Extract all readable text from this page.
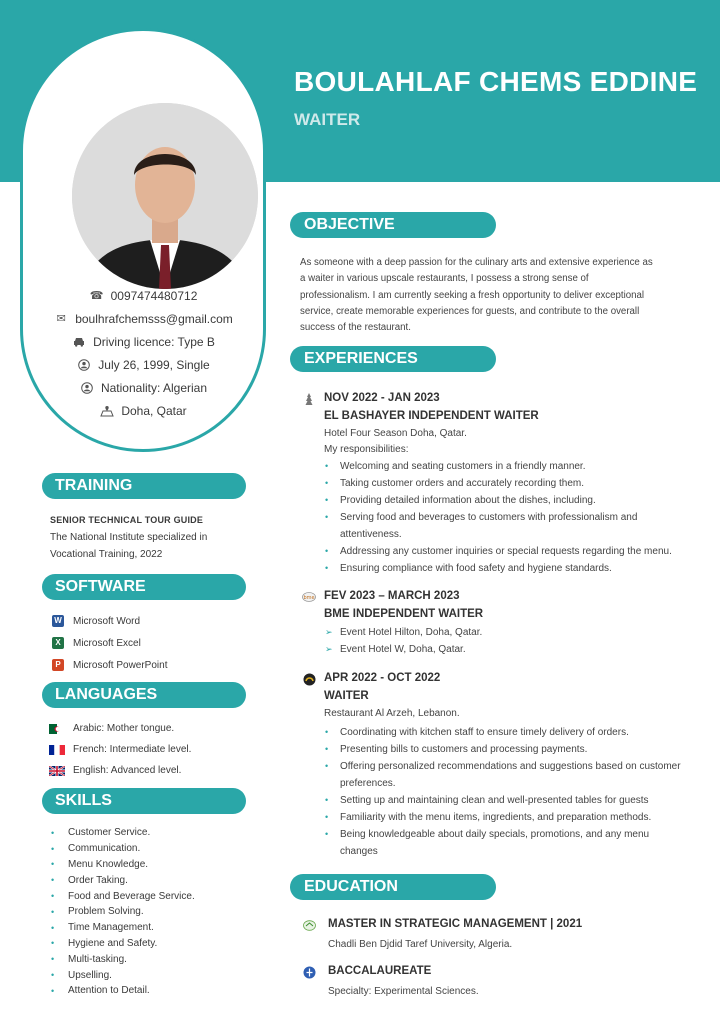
BOULAHLAF CHEMS EDDINE
WAITER
☎ 0097474480712
✉ boulhrafchemsss@gmail.com
Driving licence: Type B
July 26, 1999, Single
Nationality: Algerian
Doha, Qatar
TRAINING
SENIOR TECHNICAL TOUR GUIDE
The National Institute specialized in
Vocational Training, 2022
SOFTWARE
W Microsoft Word
X	Microsoft Excel
P	Microsoft PowerPoint
LANGUAGES
Arabic: Mother tongue.
French: Intermediate level.
English: Advanced level.
SKILLS
•	Customer Service.
•	Communication.
•	Menu Knowledge.
•	Order Taking.
•	Food and Beverage Service.
•	Problem Solving.
•	Time Management.
•	Hygiene and Safety.
•	Multi-tasking.
•	Upselling.
•	Attention to Detail.
OBJECTIVE
As someone with a deep passion for the culinary arts and extensive experience as
a waiter in various upscale restaurants, I possess a strong sense of
professionalism. I am currently seeking a fresh opportunity to deliver exceptional
service, create memorable experiences for guests, and contribute to the overall
success of the restaurant.
EXPERIENCES
NOV 2022 - JAN 2023
EL BASHAYER INDEPENDENT WAITER
Hotel Four Season Doha, Qatar.
My responsibilities:
• Welcoming and seating customers in a friendly manner.
• Taking customer orders and accurately recording them.
• Providing detailed information about the dishes, including.
• Serving food and beverages to customers with professionalism and
attentiveness.
• Addressing any customer inquiries or special requests regarding the menu.
• Ensuring compliance with food safety and hygiene standards.
bme FEV 2023 – MARCH 2023
BME INDEPENDENT WAITER
➢ Event Hotel Hilton, Doha, Qatar.
➢ Event Hotel W, Doha, Qatar.
APR 2022 - OCT 2022
WAITER
Restaurant Al Arzeh, Lebanon.
• Coordinating with kitchen staff to ensure timely delivery of orders.
• Presenting bills to customers and processing payments.
• Offering personalized recommendations and suggestions based on customer
preferences.
• Setting up and maintaining clean and well-presented tables for guests
• Familiarity with the menu items, ingredients, and preparation methods.
• Being knowledgeable about daily specials, promotions, and any menu
changes
EDUCATION
MASTER IN STRATEGIC MANAGEMENT | 2021
Chadli Ben Djdid Taref University, Algeria.
BACCALAUREATE
Specialty: Experimental Sciences.
